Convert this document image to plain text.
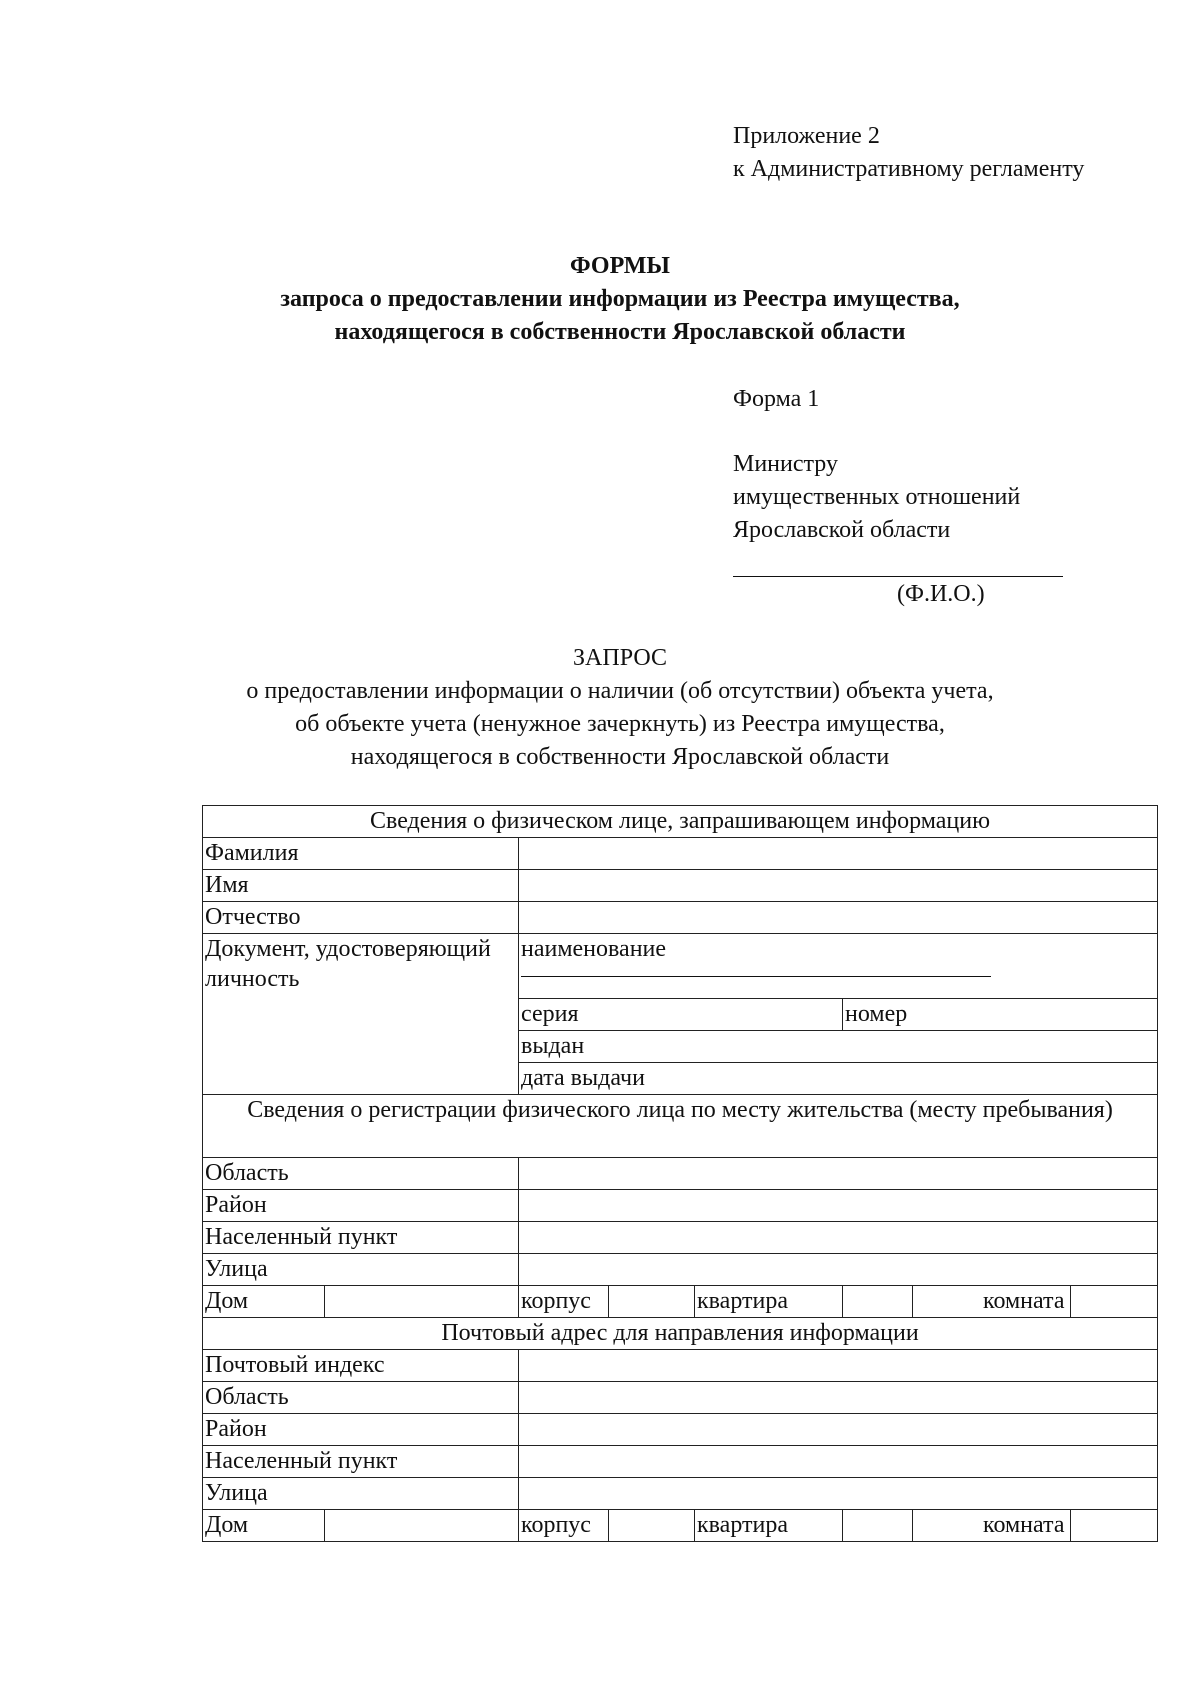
Приложение 2
к Административному регламенту
ФОРМЫ
запроса о предоставлении информации из Реестра имущества,
находящегося в собственности Ярославской области
Форма 1
Министру
имущественных отношений
Ярославской области
(Ф.И.О.)
ЗАПРОС
о предоставлении информации о наличии (об отсутствии) объекта учета,
об объекте учета (ненужное зачеркнуть) из Реестра имущества,
находящегося в собственности Ярославской области
Сведения о физическом лице, запрашивающем информацию							
Фамилия							
Имя							
Отчество							
Документ, удостоверяющий личность		наименование					

		серия			номер		
		выдан					
		дата выдачи					
Сведения о регистрации физического лица по месту жительства (месту пребывания)							
Область							
Район							
Населенный пункт							
Улица							
Дом		корпус		квартира		комната	
Почтовый адрес для направления информации							
Почтовый индекс							
Область							
Район							
Населенный пункт							
Улица							
Дом		корпус		квартира		комната	
